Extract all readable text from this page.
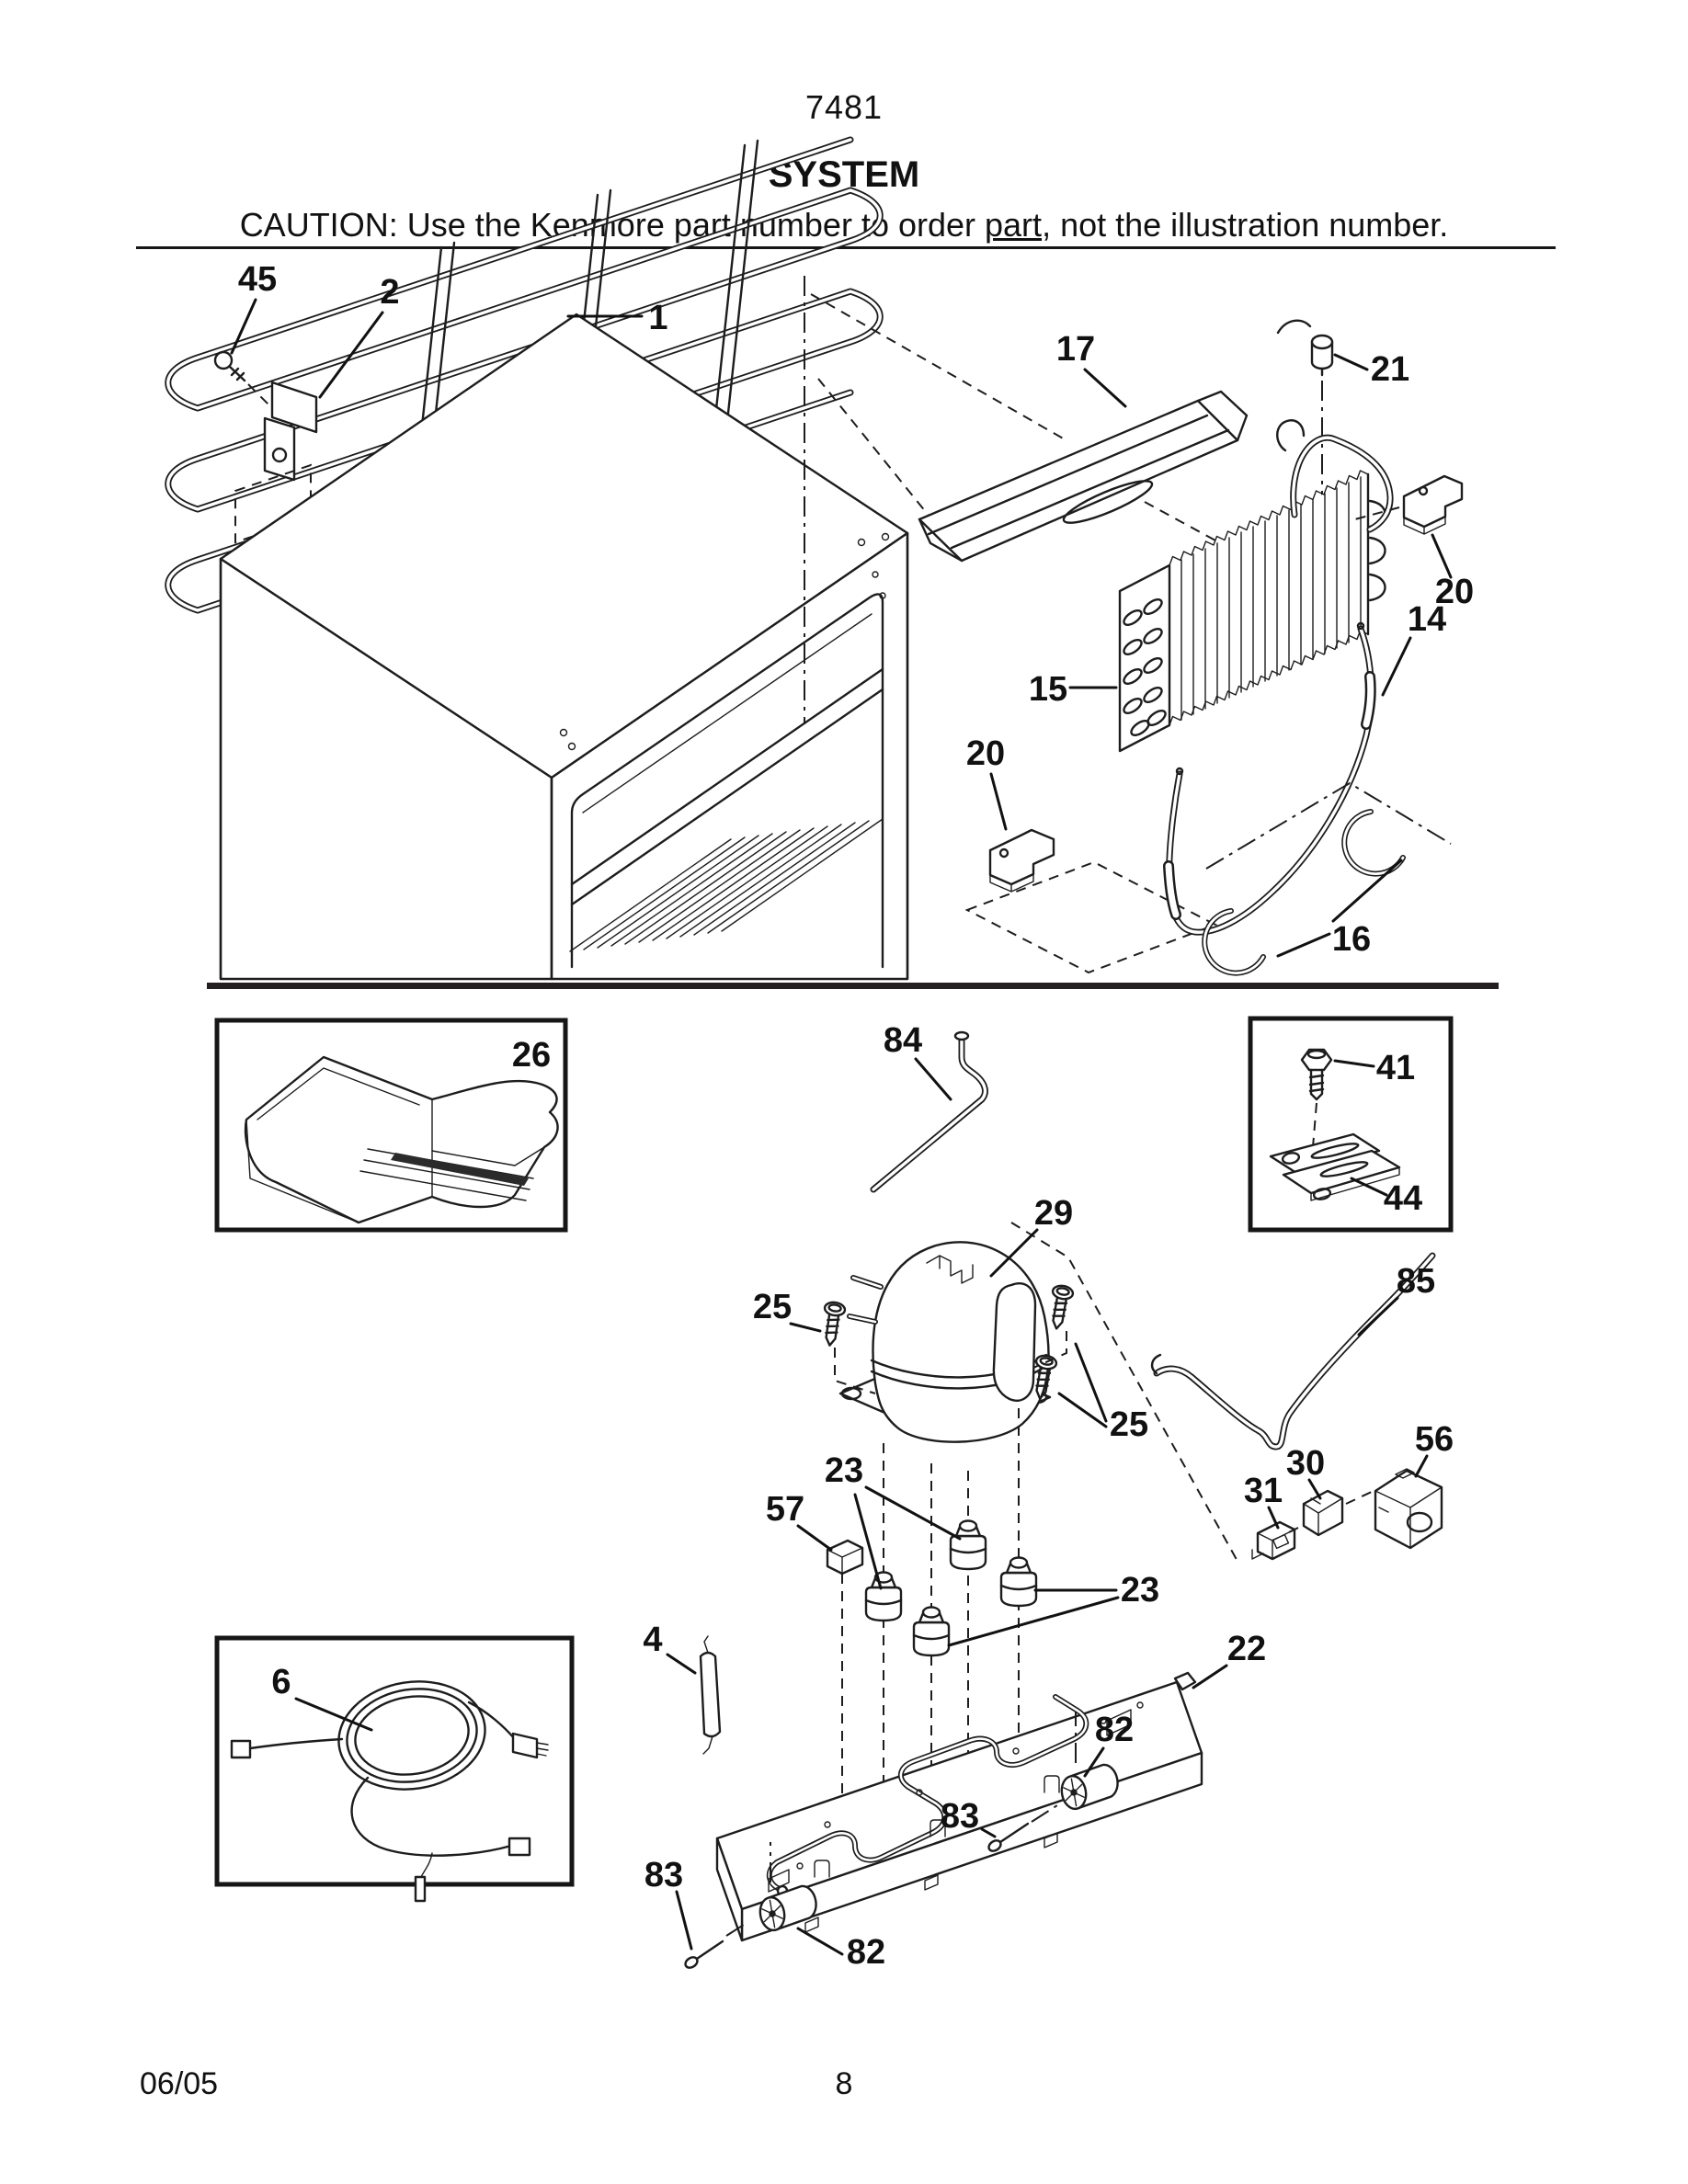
7481
SYSTEM
CAUTION: Use the Kenmore part number to order part, not the illustration number.
45	2
1
17
21
20
15
14
20
16
26	84
41
44
29
25
25
85
30
31
56
23
57
23
4	22
6
82
83
83
82
06/05	8
